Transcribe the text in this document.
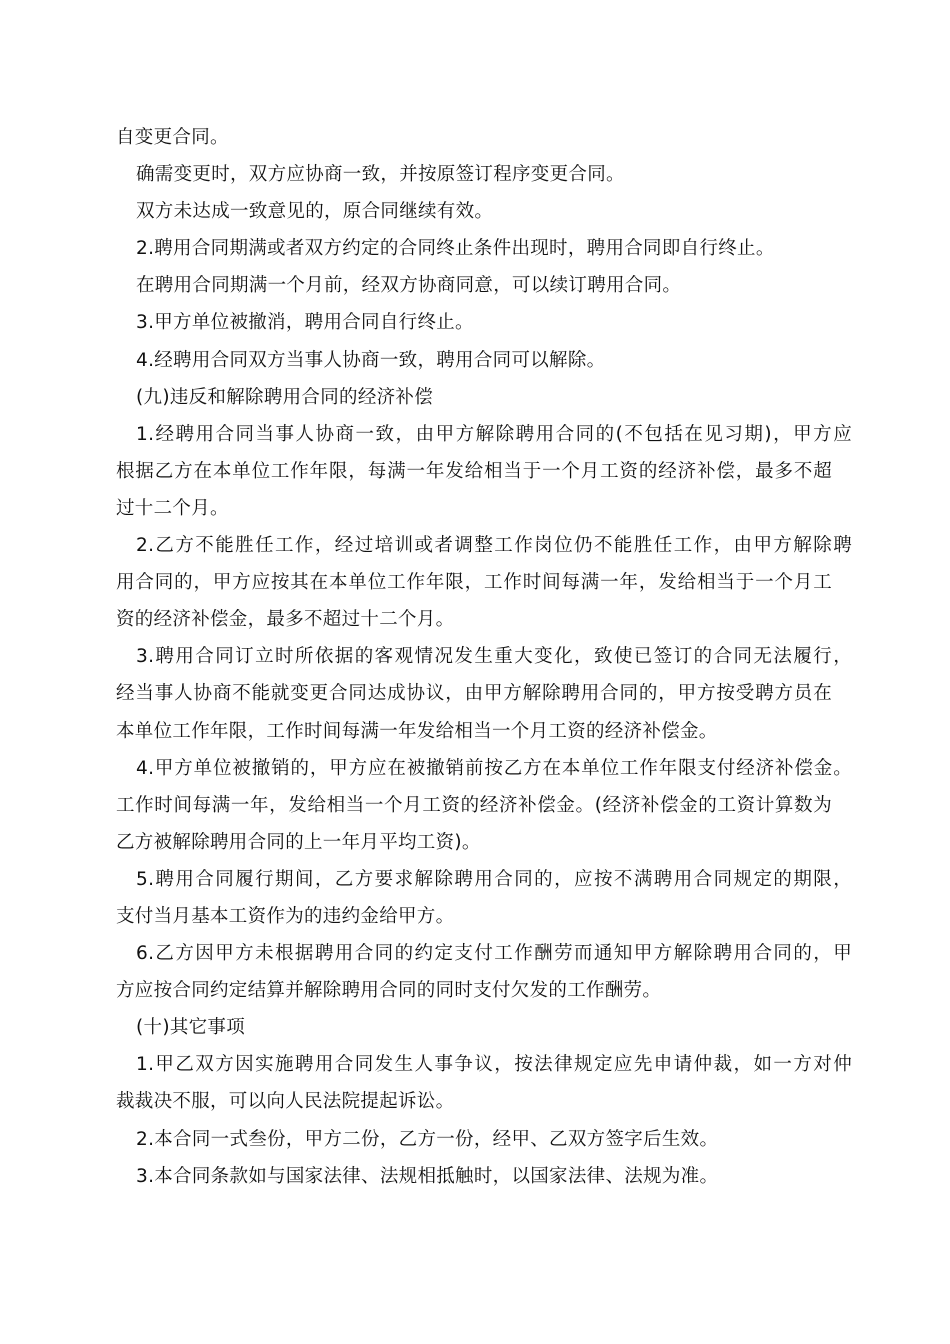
自变更合同。
确需变更时，双方应协商一致，并按原签订程序变更合同。
双方未达成一致意见的，原合同继续有效。
2.聘用合同期满或者双方约定的合同终止条件出现时，聘用合同即自行终止。
在聘用合同期满一个月前，经双方协商同意，可以续订聘用合同。
3.甲方单位被撤消，聘用合同自行终止。
4.经聘用合同双方当事人协商一致，聘用合同可以解除。
(九)违反和解除聘用合同的经济补偿
1.经聘用合同当事人协商一致，由甲方解除聘用合同的(不包括在见习期)，甲方应
根据乙方在本单位工作年限，每满一年发给相当于一个月工资的经济补偿，最多不超
过十二个月。
2.乙方不能胜任工作，经过培训或者调整工作岗位仍不能胜任工作，由甲方解除聘
用合同的，甲方应按其在本单位工作年限，工作时间每满一年，发给相当于一个月工
资的经济补偿金，最多不超过十二个月。
3.聘用合同订立时所依据的客观情况发生重大变化，致使已签订的合同无法履行，
经当事人协商不能就变更合同达成协议，由甲方解除聘用合同的，甲方按受聘方员在
本单位工作年限，工作时间每满一年发给相当一个月工资的经济补偿金。
4.甲方单位被撤销的，甲方应在被撤销前按乙方在本单位工作年限支付经济补偿金。
工作时间每满一年，发给相当一个月工资的经济补偿金。(经济补偿金的工资计算数为
乙方被解除聘用合同的上一年月平均工资)。
5.聘用合同履行期间，乙方要求解除聘用合同的，应按不满聘用合同规定的期限，
支付当月基本工资作为的违约金给甲方。
6.乙方因甲方未根据聘用合同的约定支付工作酬劳而通知甲方解除聘用合同的，甲
方应按合同约定结算并解除聘用合同的同时支付欠发的工作酬劳。
(十)其它事项
1.甲乙双方因实施聘用合同发生人事争议，按法律规定应先申请仲裁，如一方对仲
裁裁决不服，可以向人民法院提起诉讼。
2.本合同一式叁份，甲方二份，乙方一份，经甲、乙双方签字后生效。
3.本合同条款如与国家法律、法规相抵触时，以国家法律、法规为准。
